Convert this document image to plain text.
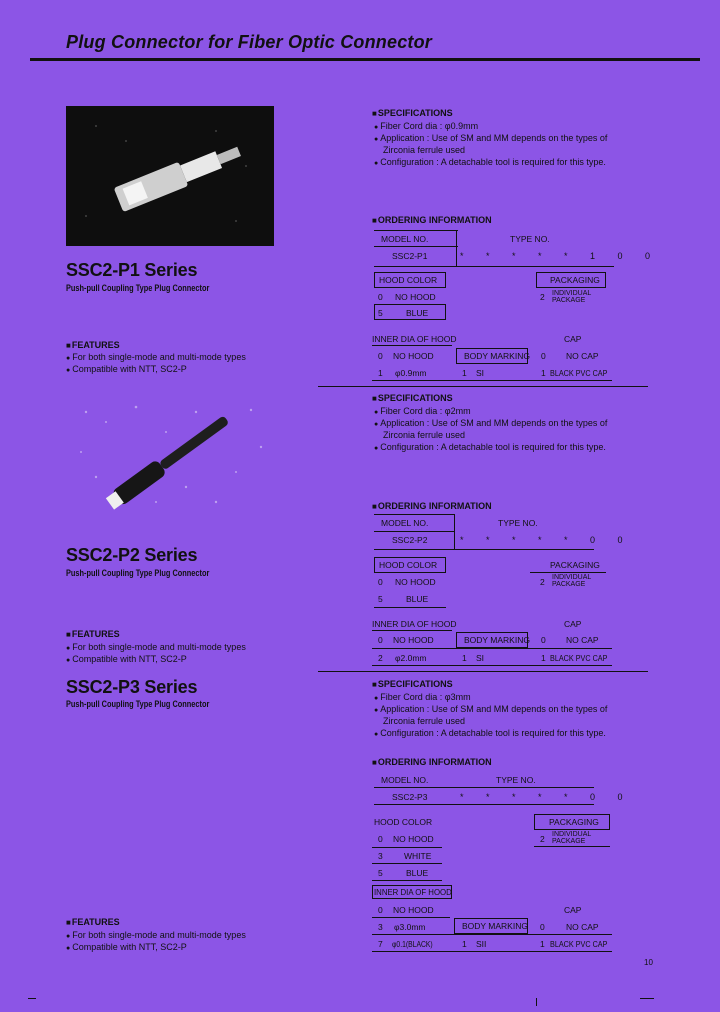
Plug Connector for Fiber Optic Connector
SSC2-P1 Series
Push-pull Coupling Type Plug Connector
■ FEATURES
● For both single-mode and multi-mode types
● Compatible with NTT, SC2-P
■ SPECIFICATIONS
● Fiber Cord dia : φ0.9mm
● Application : Use of SM and MM depends on the types of
Zirconia ferrule used
● Configuration : A detachable tool is required for this type.
■ ORDERING INFORMATION
MODEL NO.	TYPE NO.
SSC2-P1	* * * * * 1 0 0
HOOD COLOR	PACKAGING
2 INDIVIDUAL PACKAGE
0 NO HOOD
5	BLUE
INNER DIA OF HOOD	CAP
BODY MARKING
0 NO HOOD	0 NO CAP
1 φ0.9mm	1 SI	1 BLACK PVC CAP
SSC2-P2 Series
Push-pull Coupling Type Plug Connector
■ FEATURES
● For both single-mode and multi-mode types
● Compatible with NTT, SC2-P
■ SPECIFICATIONS
● Fiber Cord dia : φ2mm
● Application : Use of SM and MM depends on the types of
Zirconia ferrule used
● Configuration : A detachable tool is required for this type.
■ ORDERING INFORMATION
MODEL NO.	TYPE NO.
SSC2-P2	* * * * * 0 0
HOOD COLOR	PACKAGING
2 INDIVIDUAL PACKAGE
0 NO HOOD
5	BLUE
INNER DIA OF HOOD	CAP
BODY MARKING
0 NO HOOD	0 NO CAP
2 φ2.0mm	1 SI	1 BLACK PVC CAP
SSC2-P3 Series
Push-pull Coupling Type Plug Connector
■ FEATURES
● For both single-mode and multi-mode types
● Compatible with NTT, SC2-P
■ SPECIFICATIONS
● Fiber Cord dia : φ3mm
● Application : Use of SM and MM depends on the types of
Zirconia ferrule used
● Configuration : A detachable tool is required for this type.
■ ORDERING INFORMATION
MODEL NO.	TYPE NO.
SSC2-P3	* * * * * 0 0
HOOD COLOR	PACKAGING
2 INDIVIDUAL PACKAGE
0 NO HOOD
3	WHITE
5	BLUE
INNER DIA OF HOOD
0 NO HOOD	CAP
BODY MARKING
3 φ3.0mm	0	NO CAP
7 φ0.1(BLACK)	1 SII	1 BLACK PVC CAP
10
